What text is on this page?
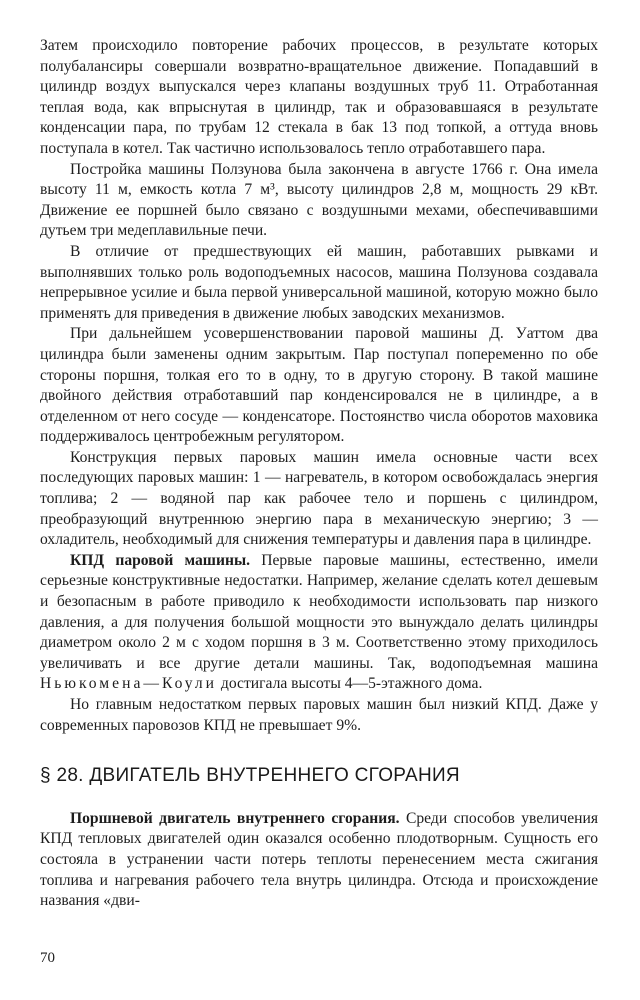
Затем происходило повторение рабочих процессов, в результате которых полубалансиры совершали возвратно-вращательное движение. Попадавший в цилиндр воздух выпускался через клапаны воздушных труб 11. Отработанная теплая вода, как впрыснутая в цилиндр, так и образовавшаяся в результате конденсации пара, по трубам 12 стекала в бак 13 под топкой, а оттуда вновь поступала в котел. Так частично использовалось тепло отработавшего пара.

Постройка машины Ползунова была закончена в августе 1766 г. Она имела высоту 11 м, емкость котла 7 м³, высоту цилиндров 2,8 м, мощность 29 кВт. Движение ее поршней было связано с воздушными мехами, обеспечивавшими дутьем три медеплавильные печи.

В отличие от предшествующих ей машин, работавших рывками и выполнявших только роль водоподъемных насосов, машина Ползунова создавала непрерывное усилие и была первой универсальной машиной, которую можно было применять для приведения в движение любых заводских механизмов.

При дальнейшем усовершенствовании паровой машины Д. Уаттом два цилиндра были заменены одним закрытым. Пар поступал попеременно по обе стороны поршня, толкая его то в одну, то в другую сторону. В такой машине двойного действия отработавший пар конденсировался не в цилиндре, а в отделенном от него сосуде — конденсаторе. Постоянство числа оборотов маховика поддерживалось центробежным регулятором.

Конструкция первых паровых машин имела основные части всех последующих паровых машин: 1 — нагреватель, в котором освобождалась энергия топлива; 2 — водяной пар как рабочее тело и поршень с цилиндром, преобразующий внутреннюю энергию пара в механическую энергию; 3 — охладитель, необходимый для снижения температуры и давления пара в цилиндре.

КПД паровой машины. Первые паровые машины, естественно, имели серьезные конструктивные недостатки. Например, желание сделать котел дешевым и безопасным в работе приводило к необходимости использовать пар низкого давления, а для получения большой мощности это вынуждало делать цилиндры диаметром около 2 м с ходом поршня в 3 м. Соответственно этому приходилось увеличивать и все другие детали машины. Так, водоподъемная машина Ньюкомена—Коули достигала высоты 4—5-этажного дома.

Но главным недостатком первых паровых машин был низкий КПД. Даже у современных паровозов КПД не превышает 9%.

§ 28. ДВИГАТЕЛЬ ВНУТРЕННЕГО СГОРАНИЯ

Поршневой двигатель внутреннего сгорания. Среди способов увеличения КПД тепловых двигателей один оказался особенно плодотворным. Сущность его состояла в устранении части потерь теплоты перенесением места сжигания топлива и нагревания рабочего тела внутрь цилиндра. Отсюда и происхождение названия «дви-

70
